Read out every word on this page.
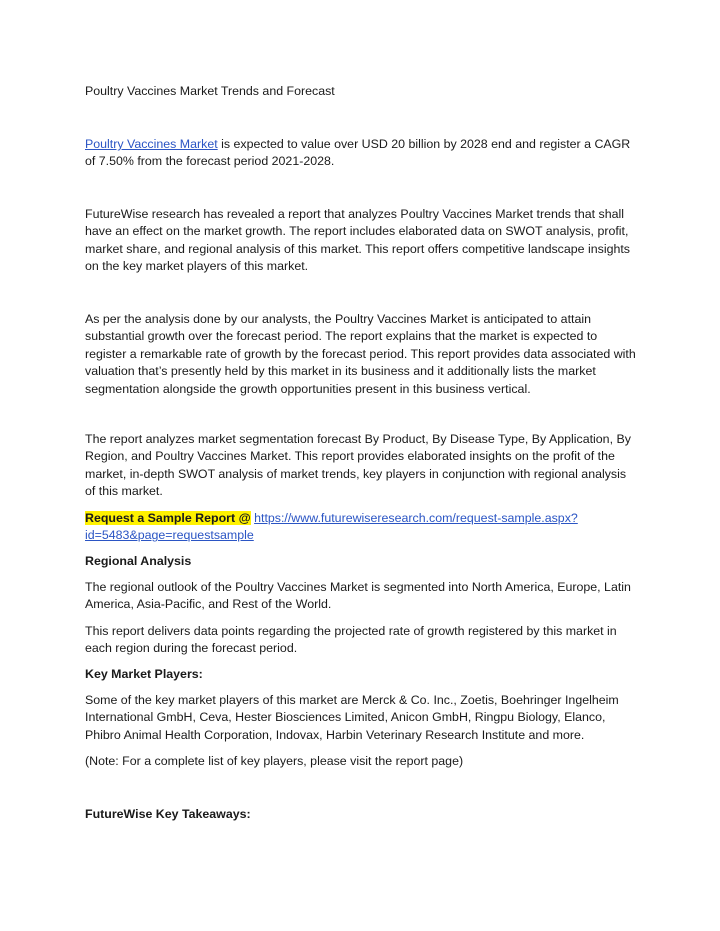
Poultry Vaccines Market Trends and Forecast

Poultry Vaccines Market is expected to value over USD 20 billion by 2028 end and register a CAGR of 7.50% from the forecast period 2021-2028.

FutureWise research has revealed a report that analyzes Poultry Vaccines Market trends that shall have an effect on the market growth. The report includes elaborated data on SWOT analysis, profit, market share, and regional analysis of this market. This report offers competitive landscape insights on the key market players of this market.

As per the analysis done by our analysts, the Poultry Vaccines Market is anticipated to attain substantial growth over the forecast period. The report explains that the market is expected to register a remarkable rate of growth by the forecast period. This report provides data associated with valuation that’s presently held by this market in its business and it additionally lists the market segmentation alongside the growth opportunities present in this business vertical.

The report analyzes market segmentation forecast By Product, By Disease Type, By Application, By Region, and Poultry Vaccines Market. This report provides elaborated insights on the profit of the market, in-depth SWOT analysis of market trends, key players in conjunction with regional analysis of this market.

Request a Sample Report @ https://www.futurewiseresearch.com/request-sample.aspx?id=5483&page=requestsample

Regional Analysis

The regional outlook of the Poultry Vaccines Market is segmented into North America, Europe, Latin America, Asia-Pacific, and Rest of the World.

This report delivers data points regarding the projected rate of growth registered by this market in each region during the forecast period.

Key Market Players:

Some of the key market players of this market are Merck & Co. Inc., Zoetis, Boehringer Ingelheim International GmbH, Ceva, Hester Biosciences Limited, Anicon GmbH, Ringpu Biology, Elanco, Phibro Animal Health Corporation, Indovax, Harbin Veterinary Research Institute and more.

(Note: For a complete list of key players, please visit the report page)

FutureWise Key Takeaways:
